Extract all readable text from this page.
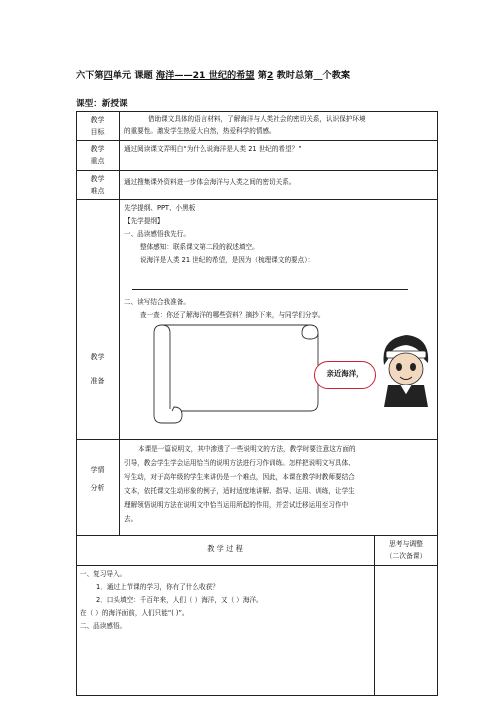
六下第四单元 课题 海洋——21 世纪的希望 第2 教时总第__个教案
课型：新授课
教学
目标
借助课文具体的语言材料，了解海洋与人类社会的密切关系，认识保护环境
的重要性。激发学生热爱大自然，热爱科学的情感。
教学
重点
通过阅读课文弄明白“为什么说海洋是人类 21 世纪的希望？”
教学
难点
通过搜集课外资料进一步体会海洋与人类之间的密切关系。
教学
准备
先学提纲、PPT、小黑板
【先学提纲】
一、品读感悟我先行。
整体感知：联系课文第二段的叙述填空。
说海洋是人类 21 世纪的希望，是因为（梳理课文的要点）：
二、读写结合我准备。
查一查：你还了解海洋的哪些资料？摘抄下来，与同学们分享。
亲近海洋，
学情
分析
本课是一篇说明文，其中渗透了一些说明文的方法，教学时要注意这方面的
引导，教会学生学会运用恰当的说明方法进行习作训练。怎样把说明文写具体、
写生动，对于高年级的学生来讲仍是一个难点，因此，本课在教学时教师要结合
文本，依托课文生动形象的例子，适时适度地讲解、指导、运用、训练，让学生
理解领悟说明方法在说明文中恰当运用所起的作用，并尝试迁移运用至习作中
去。
教 学 过 程	思考与调整
（二次备课）
一、复习导入。
1．通过上节课的学习，你有了什么收获？
2．口头填空：千百年来，人们（ ）海洋，又（ ）海洋。
在（ ）的海洋面前，人们只能“( )”。
二、品读感悟。
